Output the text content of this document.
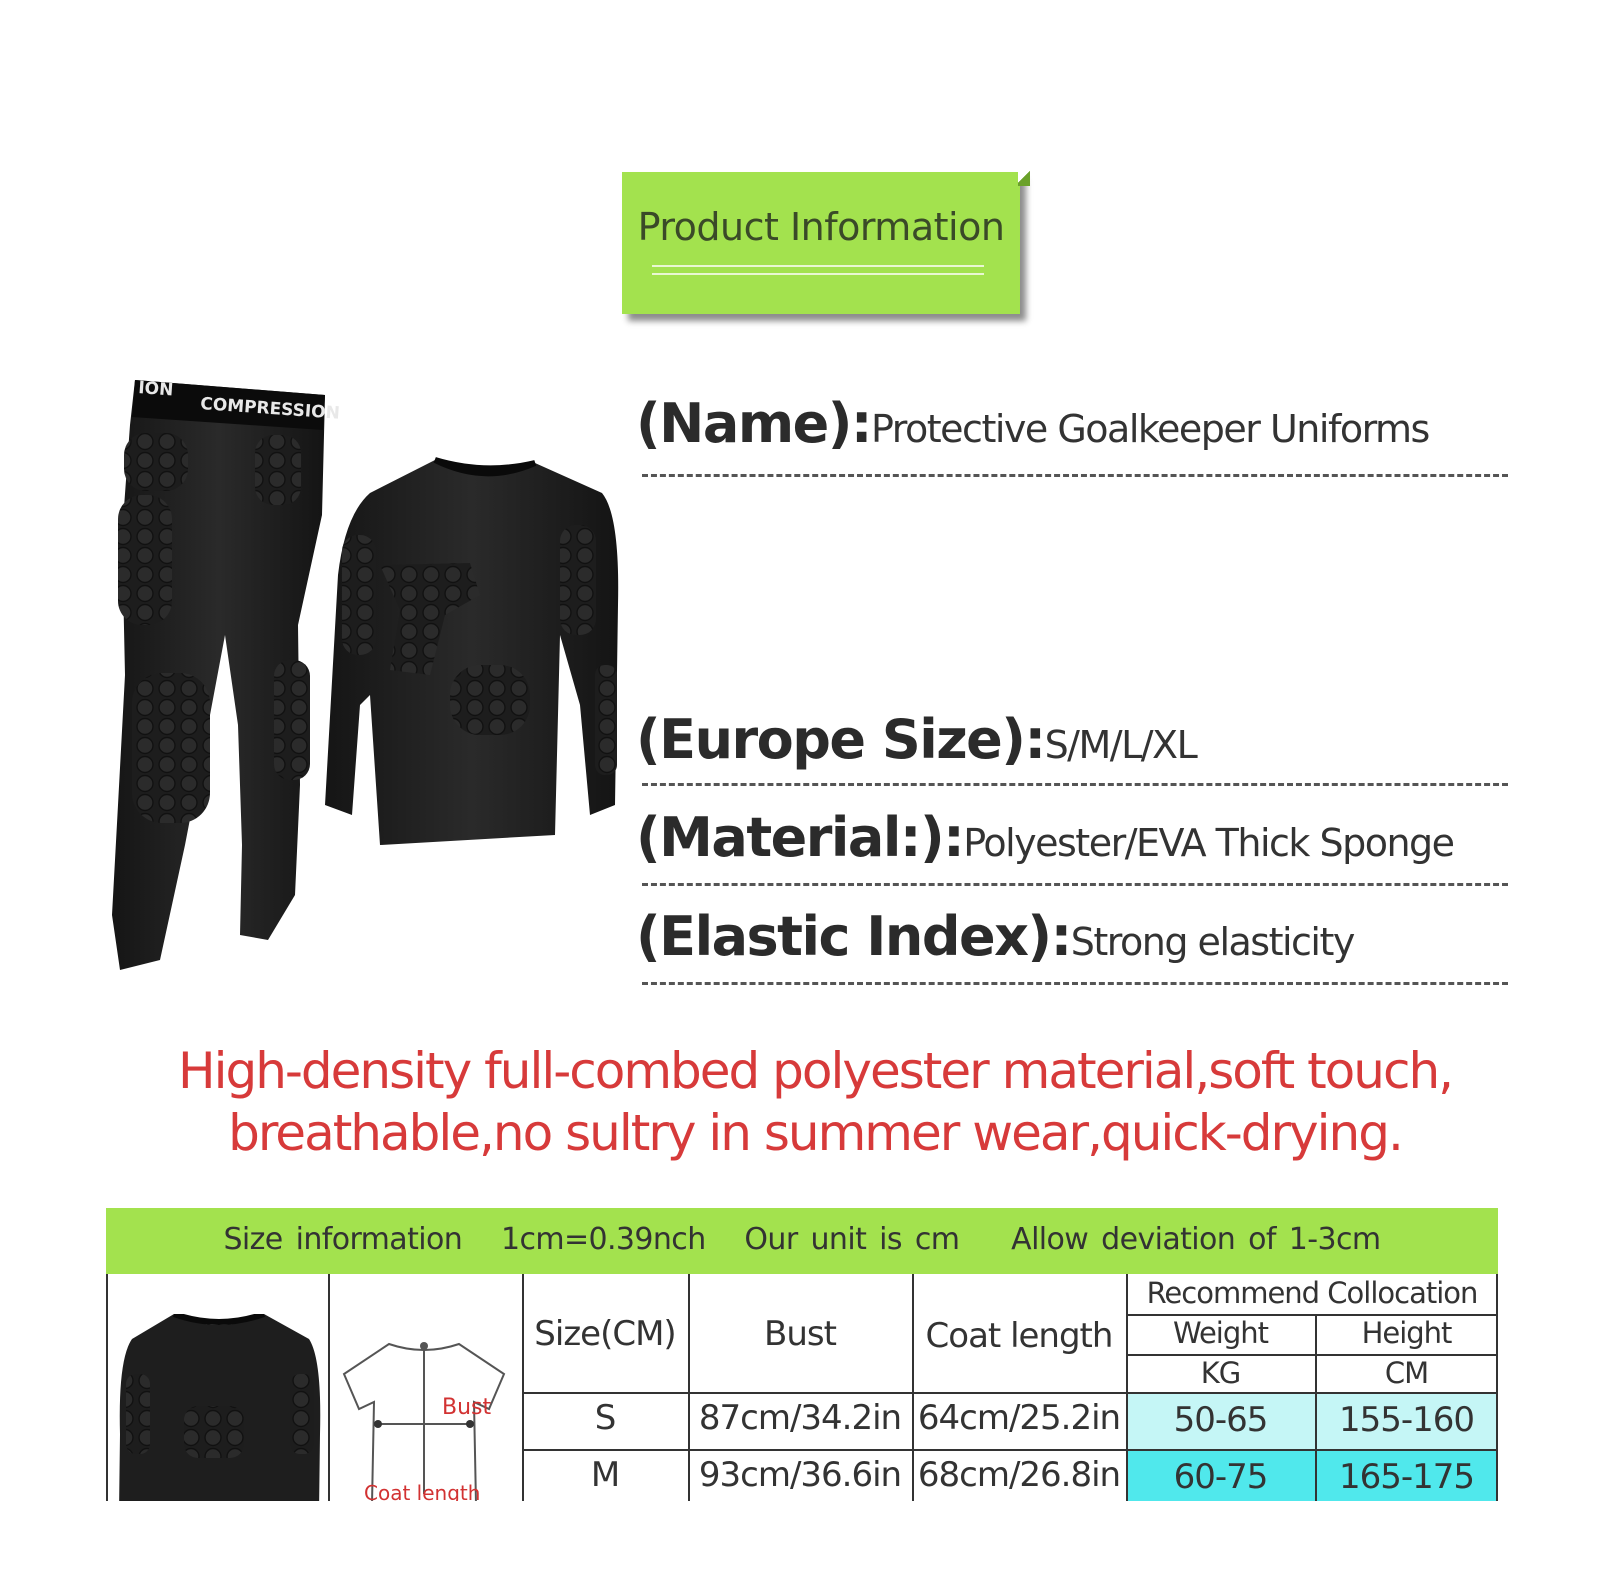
Product Information
COMPRESSION
ION
(Name):Protective Goalkeeper Uniforms
(Europe Size):S/M/L/XL
(Material:):Polyester/EVA Thick Sponge
(Elastic Index):Strong elasticity
High-density full-combed polyester material,soft touch,
breathable,no sultry in summer wear,quick-drying.
Size information   1cm=0.39nch   Our unit is cm    Allow deviation of 1-3cm
Bust
Coat length
Size(CM)	Bust	Coat length
Recommend Collocation
Weight	Height
KG	CM
S	87cm/34.2in 64cm/25.2in	50-65	155-160
M	93cm/36.6in 68cm/26.8in	60-75	165-175
